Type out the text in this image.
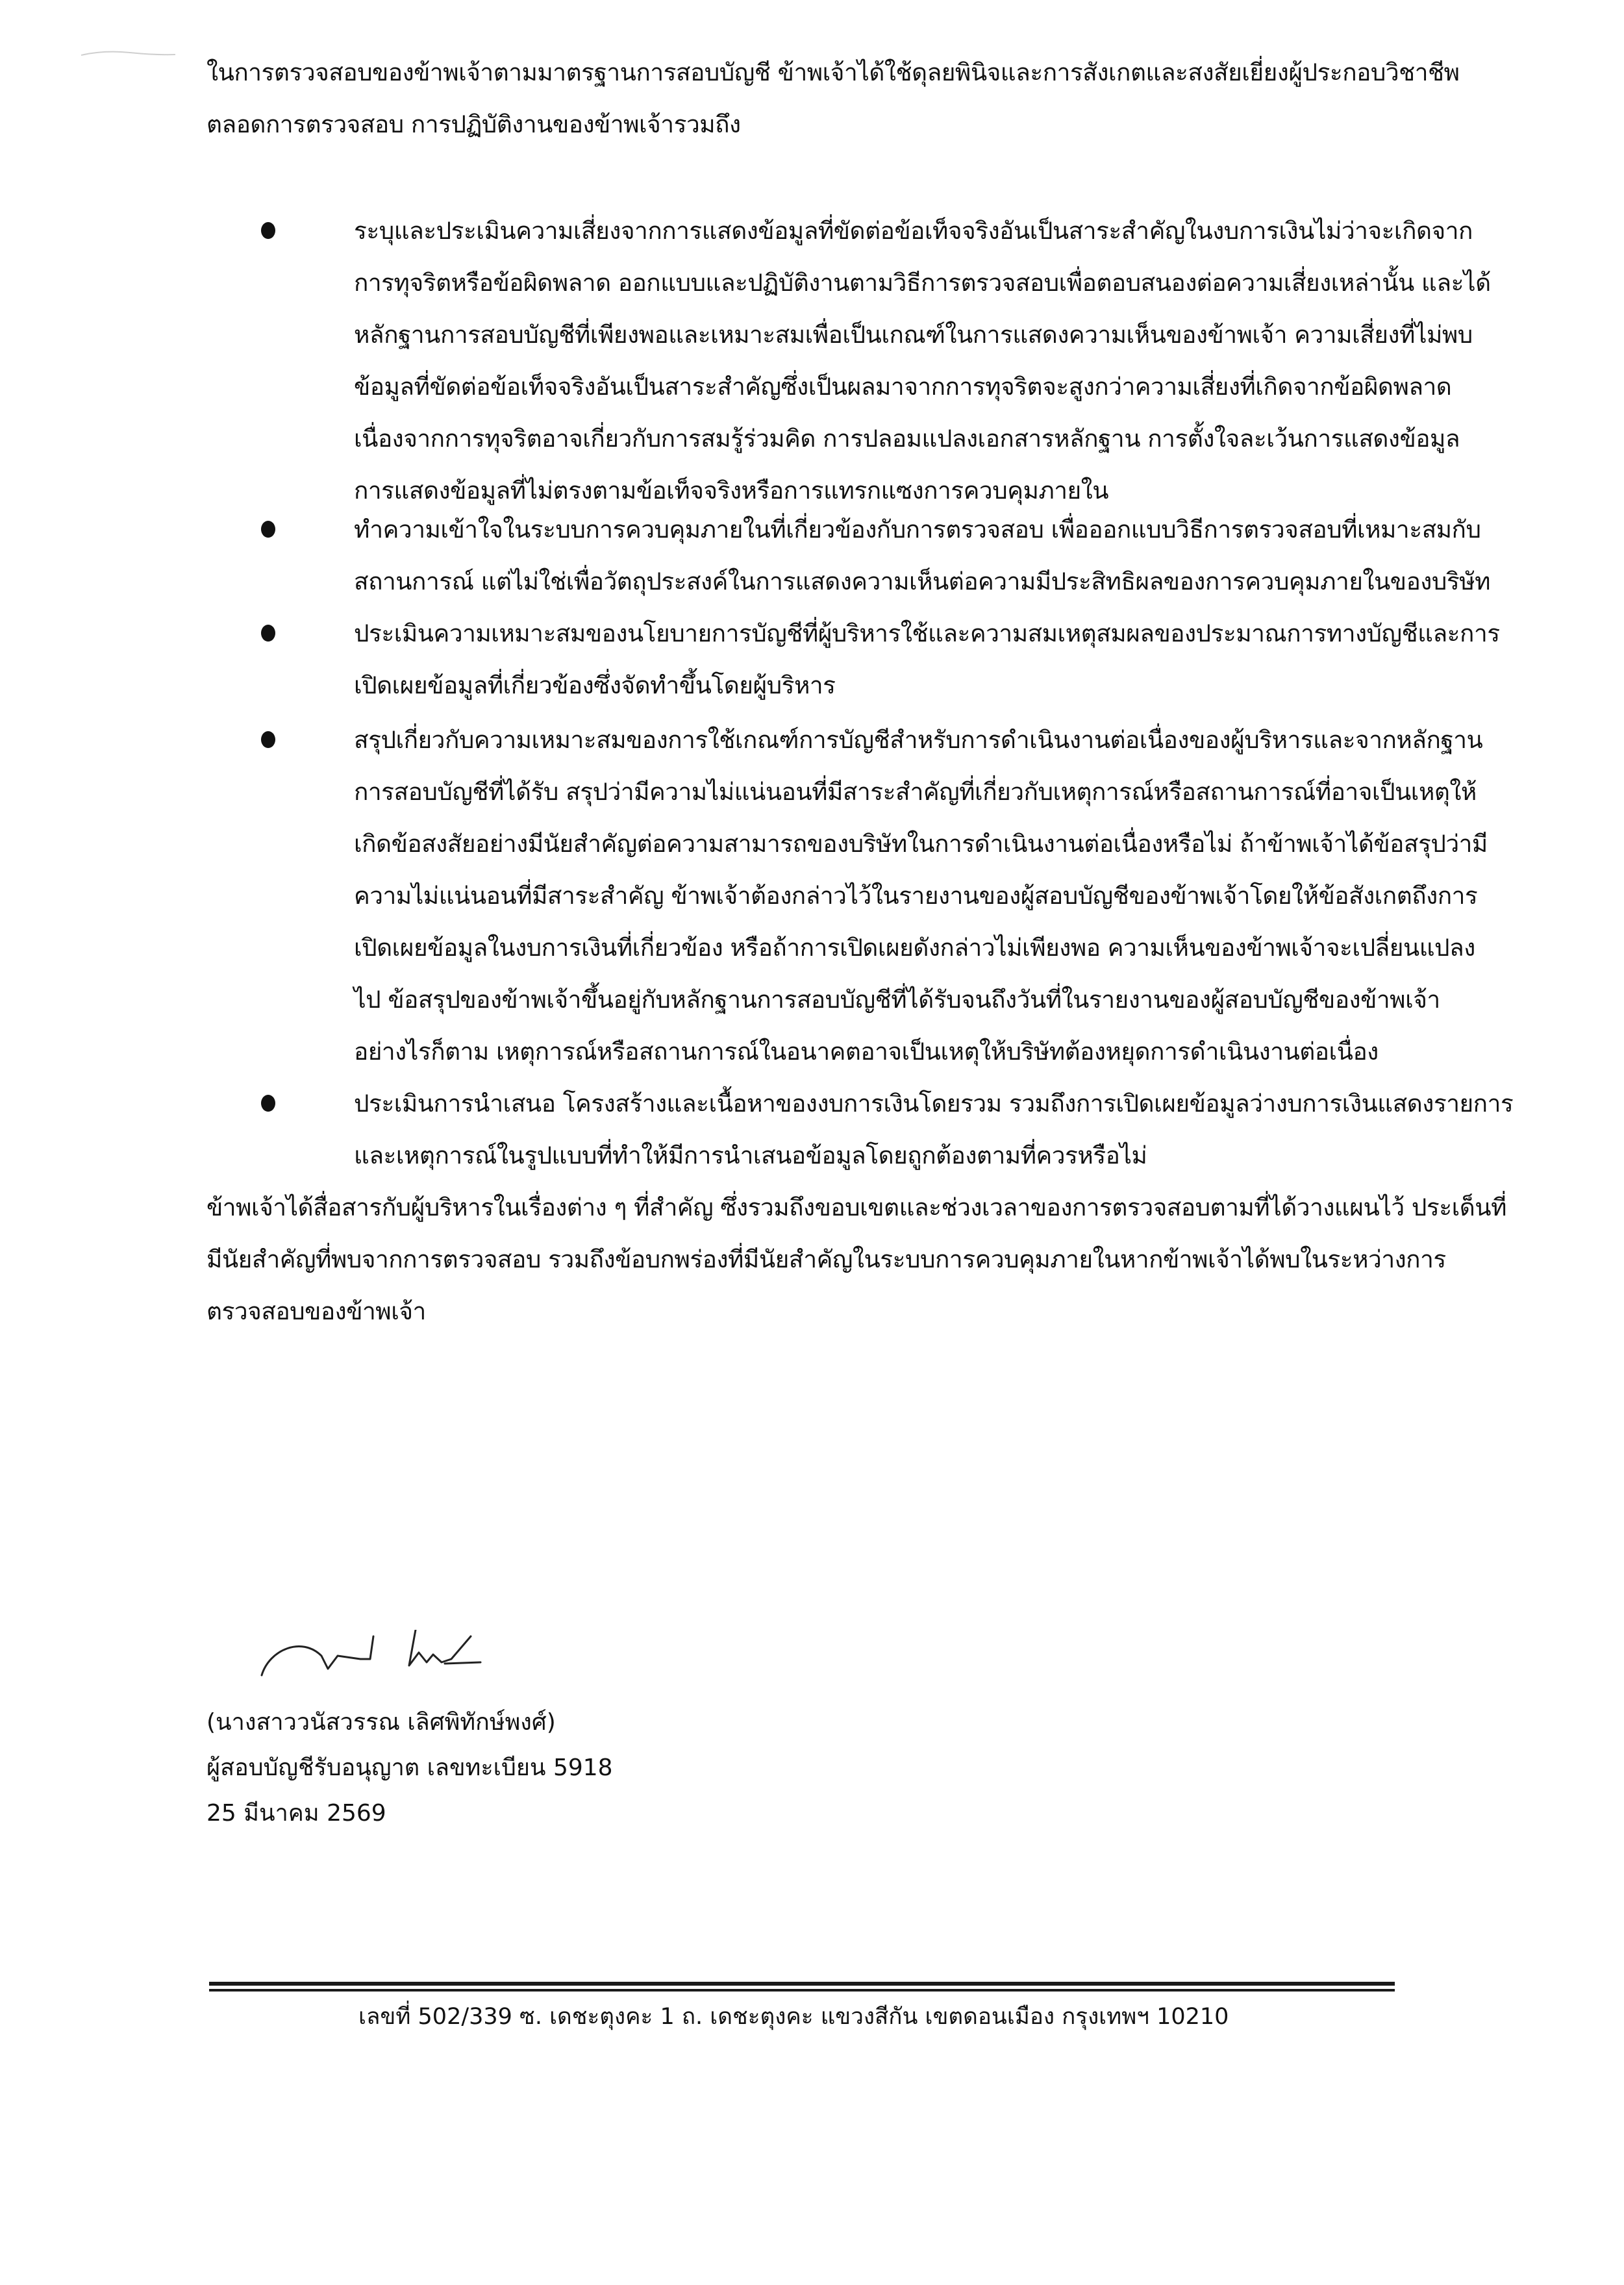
ในการตรวจสอบของข้าพเจ้าตามมาตรฐานการสอบบัญชี ข้าพเจ้าได้ใช้ดุลยพินิจและการสังเกตและสงสัยเยี่ยงผู้ประกอบวิชาชีพ
ตลอดการตรวจสอบ การปฏิบัติงานของข้าพเจ้ารวมถึง
ระบุและประเมินความเสี่ยงจากการแสดงข้อมูลที่ขัดต่อข้อเท็จจริงอันเป็นสาระสำคัญในงบการเงินไม่ว่าจะเกิดจาก
การทุจริตหรือข้อผิดพลาด ออกแบบและปฏิบัติงานตามวิธีการตรวจสอบเพื่อตอบสนองต่อความเสี่ยงเหล่านั้น และได้
หลักฐานการสอบบัญชีที่เพียงพอและเหมาะสมเพื่อเป็นเกณฑ์ในการแสดงความเห็นของข้าพเจ้า ความเสี่ยงที่ไม่พบ
ข้อมูลที่ขัดต่อข้อเท็จจริงอันเป็นสาระสำคัญซึ่งเป็นผลมาจากการทุจริตจะสูงกว่าความเสี่ยงที่เกิดจากข้อผิดพลาด
เนื่องจากการทุจริตอาจเกี่ยวกับการสมรู้ร่วมคิด การปลอมแปลงเอกสารหลักฐาน การตั้งใจละเว้นการแสดงข้อมูล
การแสดงข้อมูลที่ไม่ตรงตามข้อเท็จจริงหรือการแทรกแซงการควบคุมภายใน
ทำความเข้าใจในระบบการควบคุมภายในที่เกี่ยวข้องกับการตรวจสอบ เพื่อออกแบบวิธีการตรวจสอบที่เหมาะสมกับ
สถานการณ์ แต่ไม่ใช่เพื่อวัตถุประสงค์ในการแสดงความเห็นต่อความมีประสิทธิผลของการควบคุมภายในของบริษัท
ประเมินความเหมาะสมของนโยบายการบัญชีที่ผู้บริหารใช้และความสมเหตุสมผลของประมาณการทางบัญชีและการ
เปิดเผยข้อมูลที่เกี่ยวข้องซึ่งจัดทำขึ้นโดยผู้บริหาร
สรุปเกี่ยวกับความเหมาะสมของการใช้เกณฑ์การบัญชีสำหรับการดำเนินงานต่อเนื่องของผู้บริหารและจากหลักฐาน
การสอบบัญชีที่ได้รับ สรุปว่ามีความไม่แน่นอนที่มีสาระสำคัญที่เกี่ยวกับเหตุการณ์หรือสถานการณ์ที่อาจเป็นเหตุให้
เกิดข้อสงสัยอย่างมีนัยสำคัญต่อความสามารถของบริษัทในการดำเนินงานต่อเนื่องหรือไม่ ถ้าข้าพเจ้าได้ข้อสรุปว่ามี
ความไม่แน่นอนที่มีสาระสำคัญ ข้าพเจ้าต้องกล่าวไว้ในรายงานของผู้สอบบัญชีของข้าพเจ้าโดยให้ข้อสังเกตถึงการ
เปิดเผยข้อมูลในงบการเงินที่เกี่ยวข้อง หรือถ้าการเปิดเผยดังกล่าวไม่เพียงพอ ความเห็นของข้าพเจ้าจะเปลี่ยนแปลง
ไป ข้อสรุปของข้าพเจ้าขึ้นอยู่กับหลักฐานการสอบบัญชีที่ได้รับจนถึงวันที่ในรายงานของผู้สอบบัญชีของข้าพเจ้า
อย่างไรก็ตาม เหตุการณ์หรือสถานการณ์ในอนาคตอาจเป็นเหตุให้บริษัทต้องหยุดการดำเนินงานต่อเนื่อง
ประเมินการนำเสนอ โครงสร้างและเนื้อหาของงบการเงินโดยรวม รวมถึงการเปิดเผยข้อมูลว่างบการเงินแสดงรายการ
และเหตุการณ์ในรูปแบบที่ทำให้มีการนำเสนอข้อมูลโดยถูกต้องตามที่ควรหรือไม่
ข้าพเจ้าได้สื่อสารกับผู้บริหารในเรื่องต่าง ๆ ที่สำคัญ ซึ่งรวมถึงขอบเขตและช่วงเวลาของการตรวจสอบตามที่ได้วางแผนไว้ ประเด็นที่
มีนัยสำคัญที่พบจากการตรวจสอบ รวมถึงข้อบกพร่องที่มีนัยสำคัญในระบบการควบคุมภายในหากข้าพเจ้าได้พบในระหว่างการ
ตรวจสอบของข้าพเจ้า
(นางสาววนัสวรรณ เลิศพิทักษ์พงศ์)
ผู้สอบบัญชีรับอนุญาต เลขทะเบียน 5918
25 มีนาคม 2569
เลขที่ 502/339 ซ. เดชะตุงคะ 1 ถ. เดชะตุงคะ แขวงสีกัน เขตดอนเมือง กรุงเทพฯ 10210
